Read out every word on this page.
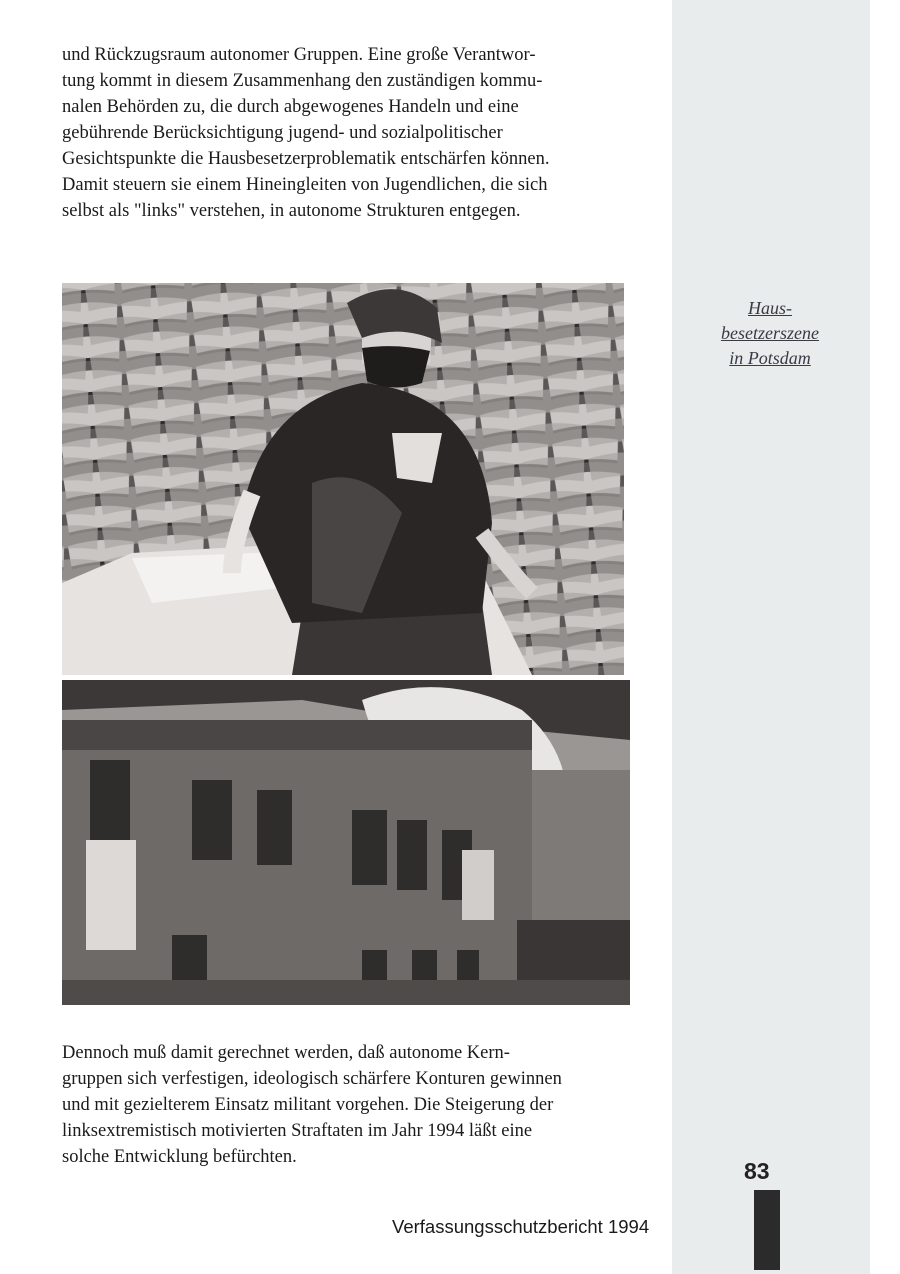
und Rückzugsraum autonomer Gruppen. Eine große Verantwor-
tung kommt in diesem Zusammenhang den zuständigen kommu-
nalen Behörden zu, die durch abgewogenes Handeln und eine
gebührende Berücksichtigung jugend- und sozialpolitischer
Gesichtspunkte die Hausbesetzerproblematik entschärfen können.
Damit steuern sie einem Hineingleiten von Jugendlichen, die sich
selbst als "links" verstehen, in autonome Strukturen entgegen.
Haus-
besetzerszene
in Potsdam
Dennoch muß damit gerechnet werden, daß autonome Kern-
gruppen sich verfestigen, ideologisch schärfere Konturen gewinnen
und mit gezielterem Einsatz militant vorgehen. Die Steigerung der
linksextremistisch motivierten Straftaten im Jahr 1994 läßt eine
solche Entwicklung befürchten.
83
Verfassungsschutzbericht 1994
